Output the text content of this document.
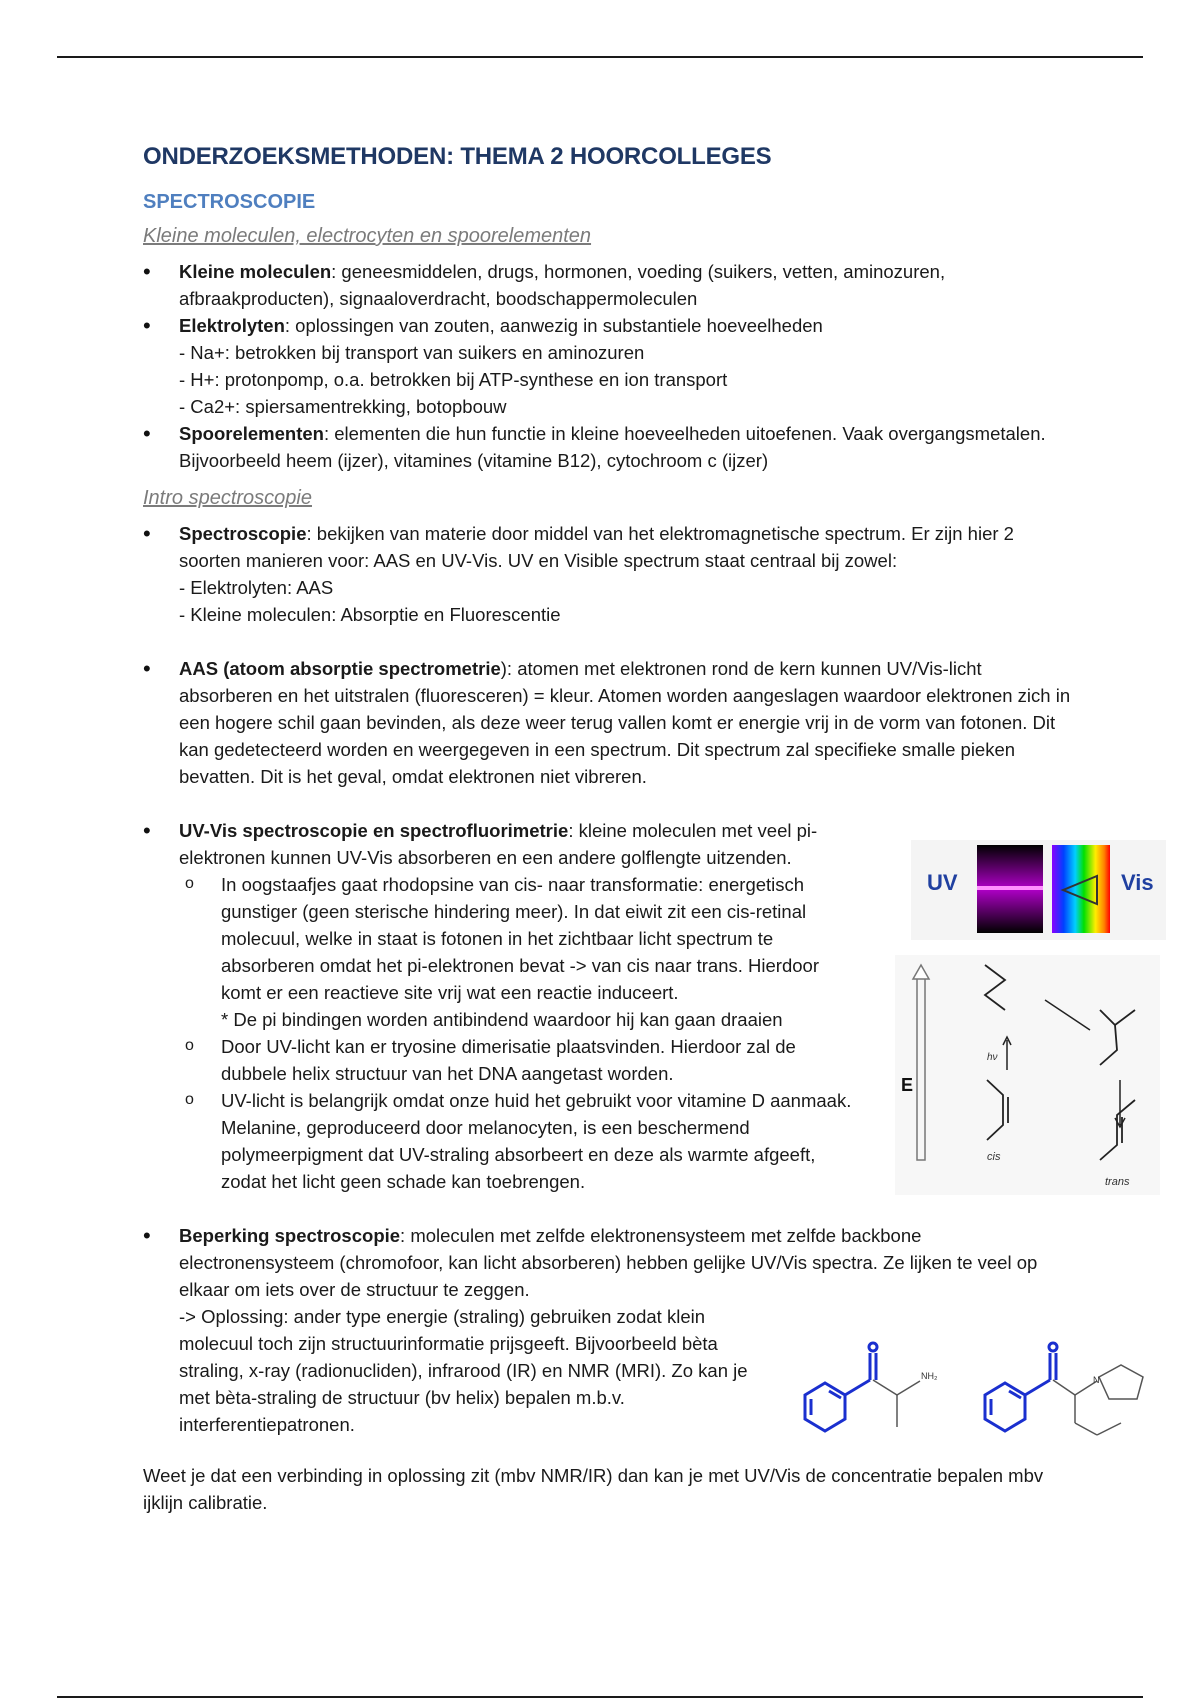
ONDERZOEKSMETHODEN: THEMA 2 HOORCOLLEGES
SPECTROSCOPIE
Kleine moleculen, electrocyten en spoorelementen
• Kleine moleculen: geneesmiddelen, drugs, hormonen, voeding (suikers, vetten, aminozuren, afbraakproducten), signaaloverdracht, boodschappermoleculen
• Elektrolyten: oplossingen van zouten, aanwezig in substantiele hoeveelheden
- Na+: betrokken bij transport van suikers en aminozuren
- H+: protonpomp, o.a. betrokken bij ATP-synthese en ion transport
- Ca2+: spiersamentrekking, botopbouw
• Spoorelementen: elementen die hun functie in kleine hoeveelheden uitoefenen. Vaak overgangsmetalen. Bijvoorbeeld heem (ijzer), vitamines (vitamine B12), cytochroom c (ijzer)
Intro spectroscopie
• Spectroscopie: bekijken van materie door middel van het elektromagnetische spectrum. Er zijn hier 2 soorten manieren voor: AAS en UV-Vis. UV en Visible spectrum staat centraal bij zowel:
- Elektrolyten: AAS
- Kleine moleculen: Absorptie en Fluorescentie
• AAS (atoom absorptie spectrometrie): atomen met elektronen rond de kern kunnen UV/Vis-licht absorberen en het uitstralen (fluoresceren) = kleur. Atomen worden aangeslagen waardoor elektronen zich in een hogere schil gaan bevinden, als deze weer terug vallen komt er energie vrij in de vorm van fotonen. Dit kan gedetecteerd worden en weergegeven in een spectrum. Dit spectrum zal specifieke smalle pieken bevatten. Dit is het geval, omdat elektronen niet vibreren.
• UV-Vis spectroscopie en spectrofluorimetrie: kleine moleculen met veel pi-elektronen kunnen UV-Vis absorberen en een andere golflengte uitzenden.
o In oogstaafjes gaat rhodopsine van cis- naar transformatie: energetisch gunstiger (geen sterische hindering meer). In dat eiwit zit een cis-retinal molecuul, welke in staat is fotonen in het zichtbaar licht spectrum te absorberen omdat het pi-elektronen bevat -> van cis naar trans. Hierdoor komt er een reactieve site vrij wat een reactie induceert.
* De pi bindingen worden antibindend waardoor hij kan gaan draaien
o Door UV-licht kan er tryosine dimerisatie plaatsvinden. Hierdoor zal de dubbele helix structuur van het DNA aangetast worden.
o UV-licht is belangrijk omdat onze huid het gebruikt voor vitamine D aanmaak. Melanine, geproduceerd door melanocyten, is een beschermend polymeerpigment dat UV-straling absorbeert en deze als warmte afgeeft, zodat het licht geen schade kan toebrengen.
• Beperking spectroscopie: moleculen met zelfde elektronensysteem met zelfde backbone electronensysteem (chromofoor, kan licht absorberen) hebben gelijke UV/Vis spectra. Ze lijken te veel op elkaar om iets over de structuur te zeggen.

-> Oplossing: ander type energie (straling) gebruiken zodat klein molecuul toch zijn structuurinformatie prijsgeeft. Bijvoorbeeld bèta straling, x-ray (radionucliden), infrarood (IR) en NMR (MRI). Zo kan je met bèta-straling de structuur (bv helix) bepalen m.b.v. interferentiepatronen.

Weet je dat een verbinding in oplossing zit (mbv NMR/IR) dan kan je met UV/Vis de concentratie bepalen mbv ijklijn calibratie.

UV	Vis
E
hν
cis
trans
NH₂	N
